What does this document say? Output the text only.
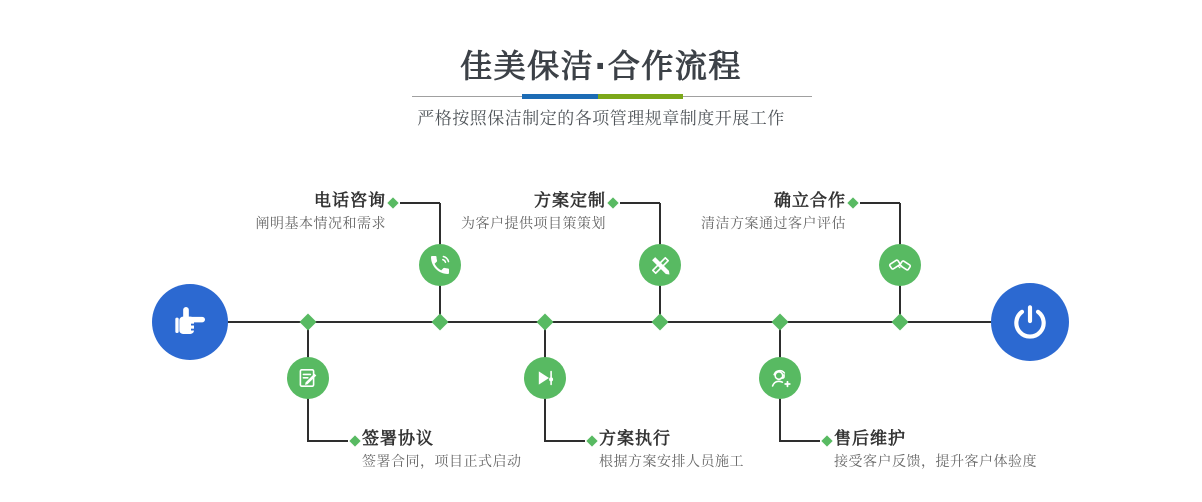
佳美保洁·合作流程
严格按照保洁制定的各项管理规章制度开展工作
签署协议
签署合同，项目正式启动
电话咨询
阐明基本情况和需求
方案执行
根据方案安排人员施工
方案定制
为客户提供项目策策划
售后维护
接受客户反馈，提升客户体验度
确立合作
清洁方案通过客户评估
